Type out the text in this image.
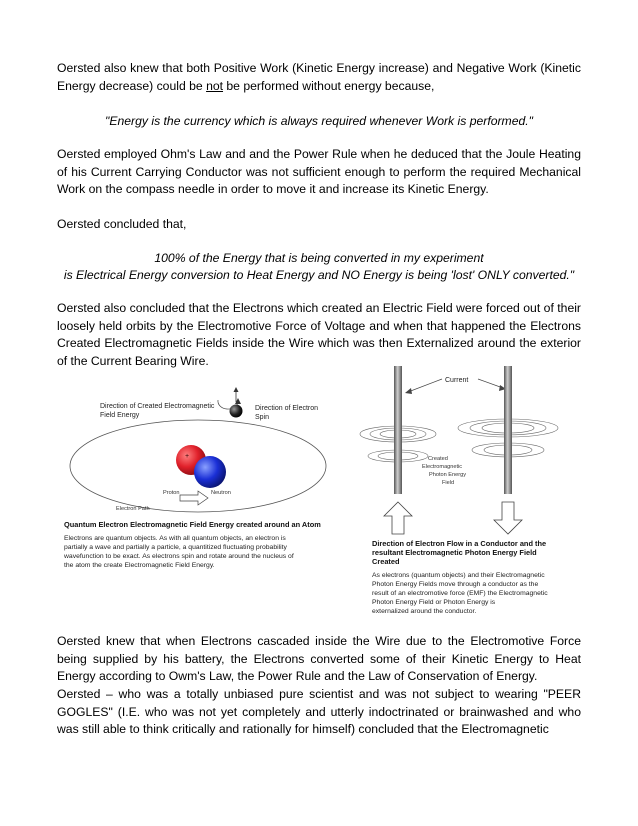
Oersted also knew that both Positive Work (Kinetic Energy increase) and Negative Work (Kinetic Energy decrease) could be not be performed without energy because,
"Energy is the currency which is always required whenever Work is performed."
Oersted employed Ohm's Law and and the Power Rule when he deduced that the Joule Heating of his Current Carrying Conductor was not sufficient enough to perform the required Mechanical Work on the compass needle in order to move it and increase its Kinetic Energy.
Oersted concluded that,
100% of the Energy that is being converted in my experiment
is Electrical Energy conversion to Heat Energy and NO Energy is being 'lost' ONLY converted."
Oersted also concluded that the Electrons which created an Electric Field were forced out of their loosely held orbits by the Electromotive Force of Voltage and when that happened the Electrons Created Electromagnetic Fields inside the Wire which was then Externalized around the exterior of the Current Bearing Wire.
Direction of Created Electromagnetic
Field Energy
Direction of Electron
Spin
+
Proton	Neutron
Electron Path
Quantum Electron Electromagnetic Field Energy created around an Atom
Electrons are quantum objects. As with all quantum objects, an electron is
partially a wave and partially a particle, a quantitized fluctuating probability
wavefunction to be exact. As electrons spin and rotate around the nucleus of
the atom the create Electromagnetic Field Energy.
Current
Created
Electromagnetic
Photon Energy
Field
Direction of Electron Flow in a Conductor and the
resultant Electromagnetic Photon Energy Field
Created
As electrons (quantum objects) and their Electromagnetic
Photon Energy Fields move through a conductor as the
result of an electromotive force (EMF) the Electromagnetic
Photon Energy Field or Photon Energy is
externalized around the conductor.
Oersted knew that when Electrons cascaded inside the Wire due to the Electromotive Force being supplied by his battery, the Electrons converted some of their Kinetic Energy to Heat Energy according to Owm's Law, the Power Rule and the Law of Conservation of Energy.
Oersted – who was a totally unbiased pure scientist and was not subject to wearing "PEER GOGLES" (I.E. who was not yet completely and utterly indoctrinated or brainwashed and who was still able to think critically and rationally for himself) concluded that the Electromagnetic
